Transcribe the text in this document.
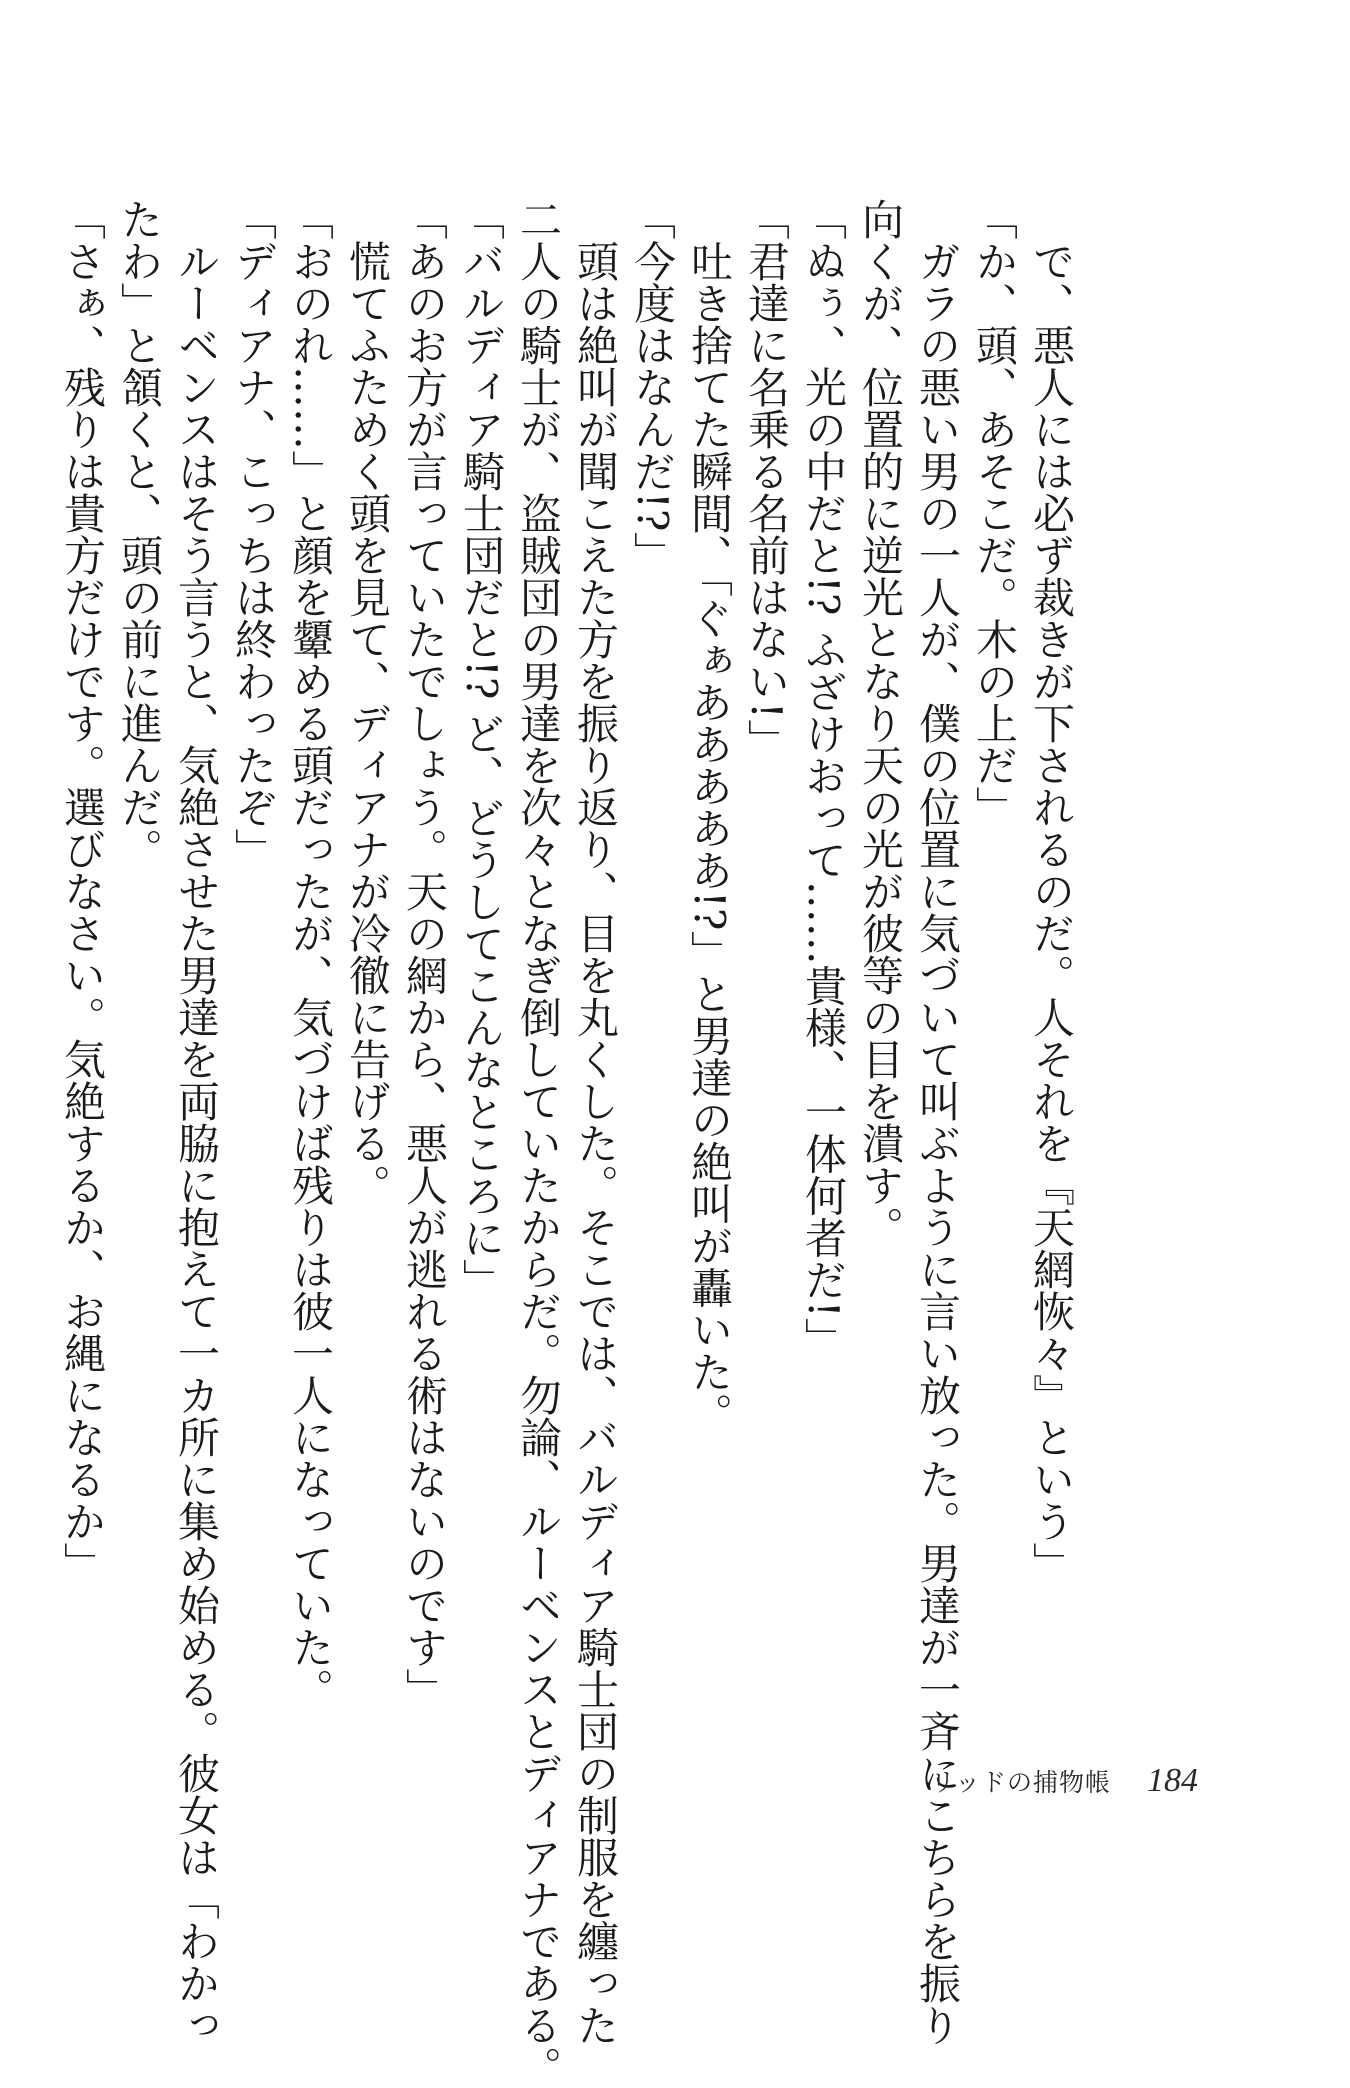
で、悪人には必ず裁きが下されるのだ。人それを『天網恢々』という」
「か、頭、あそこだ。木の上だ」
ガラの悪い男の一人が、僕の位置に気づいて叫ぶように言い放った。男達が一斉にこちらを振り
向くが、位置的に逆光となり天の光が彼等の目を潰す。
「ぬぅ、光の中だと!? ふざけおって……貴様、一体何者だ!」
「君達に名乗る名前はない!」
吐き捨てた瞬間、「ぐぁあああああ!?」と男達の絶叫が轟いた。
「今度はなんだ!?」
頭は絶叫が聞こえた方を振り返り、目を丸くした。そこでは、バルディア騎士団の制服を纏った
二人の騎士が、盗賊団の男達を次々となぎ倒していたからだ。勿論、ルーベンスとディアナである。
「バルディア騎士団だと!? ど、どうしてこんなところに」
「あのお方が言っていたでしょう。天の網から、悪人が逃れる術はないのです」
慌てふためく頭を見て、ディアナが冷徹に告げる。
「おのれ……」と顔を顰める頭だったが、気づけば残りは彼一人になっていた。
「ディアナ、こっちは終わったぞ」
ルーベンスはそう言うと、気絶させた男達を両脇に抱えて一カ所に集め始める。彼女は「わかっ
たわ」と頷くと、頭の前に進んだ。
「さぁ、残りは貴方だけです。選びなさい。気絶するか、お縄になるか」
リッドの捕物帳 184
